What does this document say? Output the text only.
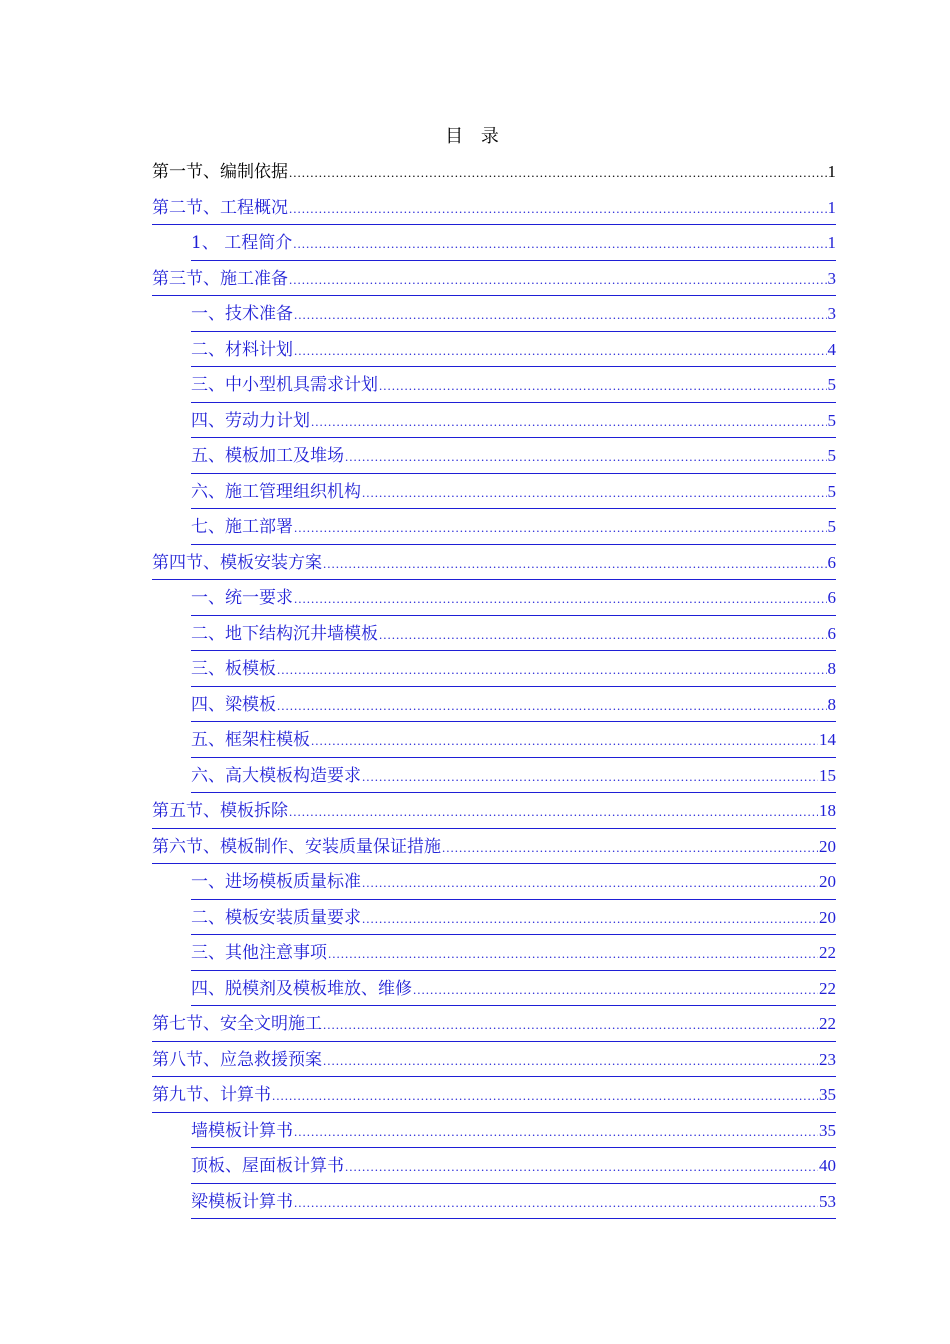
目 录
第一节、编制依据 .....	1
第二节、工程概况 .....	1
1、 工程简介 .....	1
第三节、施工准备 .....	3
一、技术准备 .....	3
二、材料计划 .....	4
三、中小型机具需求计划 .....	5
四、劳动力计划 .....	5
五、模板加工及堆场 .....	5
六、施工管理组织机构 .....	5
七、施工部署 .....	5
第四节、模板安装方案 .....	6
一、统一要求 .....	6
二、地下结构沉井墙模板 .....	6
三、板模板 .....	8
四、梁模板 .....	8
五、框架柱模板 .....	14
六、高大模板构造要求 .....	15
第五节、模板拆除 .....	18
第六节、模板制作、安装质量保证措施 .....	20
一、进场模板质量标准 .....	20
二、模板安装质量要求 .....	20
三、其他注意事项 .....	22
四、脱模剂及模板堆放、维修 .....	22
第七节、安全文明施工 .....	22
第八节、应急救援预案 .....	23
第九节、计算书 .....	35
墙模板计算书 .....	35
顶板、屋面板计算书 .....	40
梁模板计算书 .....	53
